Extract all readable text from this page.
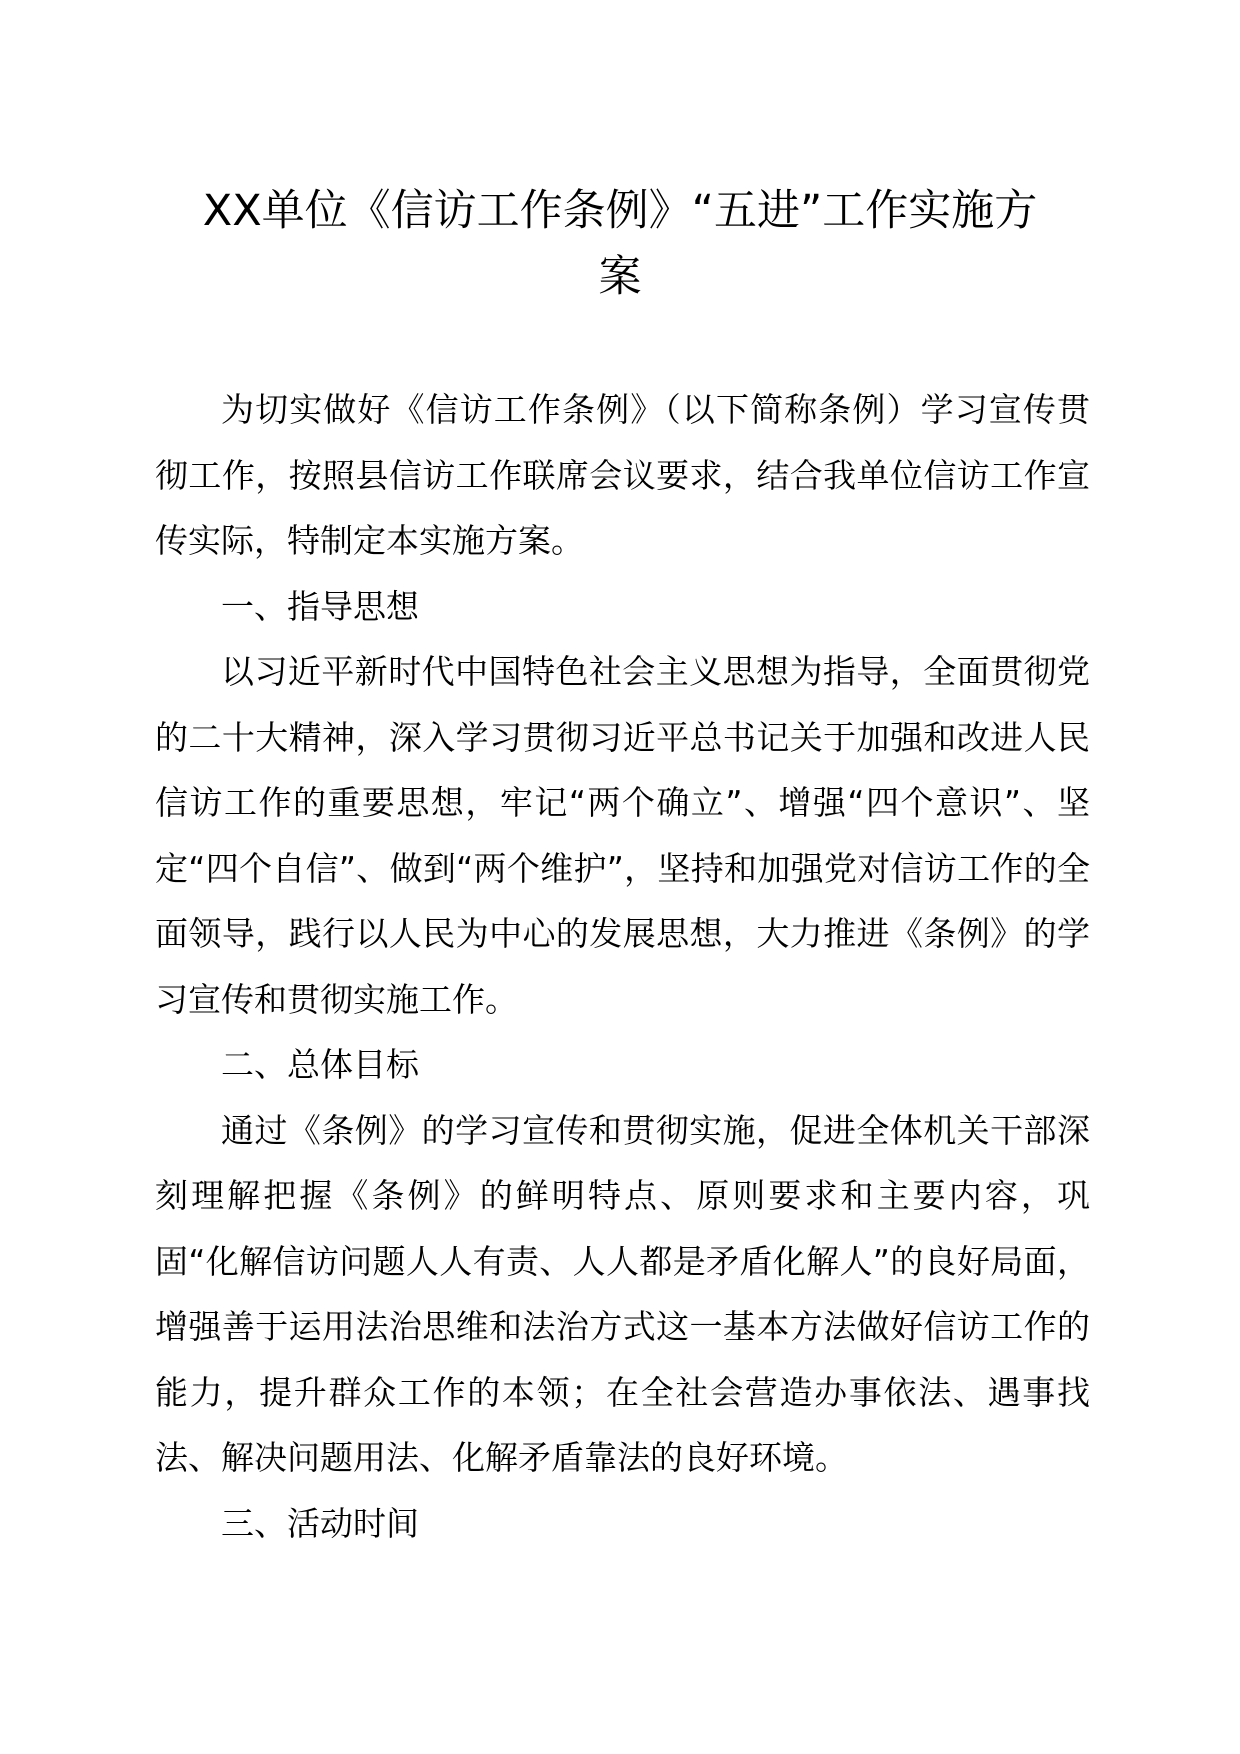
XX单位《信访工作条例》“五进”工作实施方
案

为切实做好《信访工作条例》（以下简称条例）学习宣传贯彻工作，按照县信访工作联席会议要求，结合我单位信访工作宣传实际，特制定本实施方案。

一、指导思想

以习近平新时代中国特色社会主义思想为指导，全面贯彻党的二十大精神，深入学习贯彻习近平总书记关于加强和改进人民信访工作的重要思想，牢记“两个确立”、增强“四个意识”、坚定“四个自信”、做到“两个维护”，坚持和加强党对信访工作的全面领导，践行以人民为中心的发展思想，大力推进《条例》的学习宣传和贯彻实施工作。

二、总体目标

通过《条例》的学习宣传和贯彻实施，促进全体机关干部深刻理解把握《条例》的鲜明特点、原则要求和主要内容，巩固“化解信访问题人人有责、人人都是矛盾化解人”的良好局面，增强善于运用法治思维和法治方式这一基本方法做好信访工作的能力，提升群众工作的本领；在全社会营造办事依法、遇事找法、解决问题用法、化解矛盾靠法的良好环境。

三、活动时间
